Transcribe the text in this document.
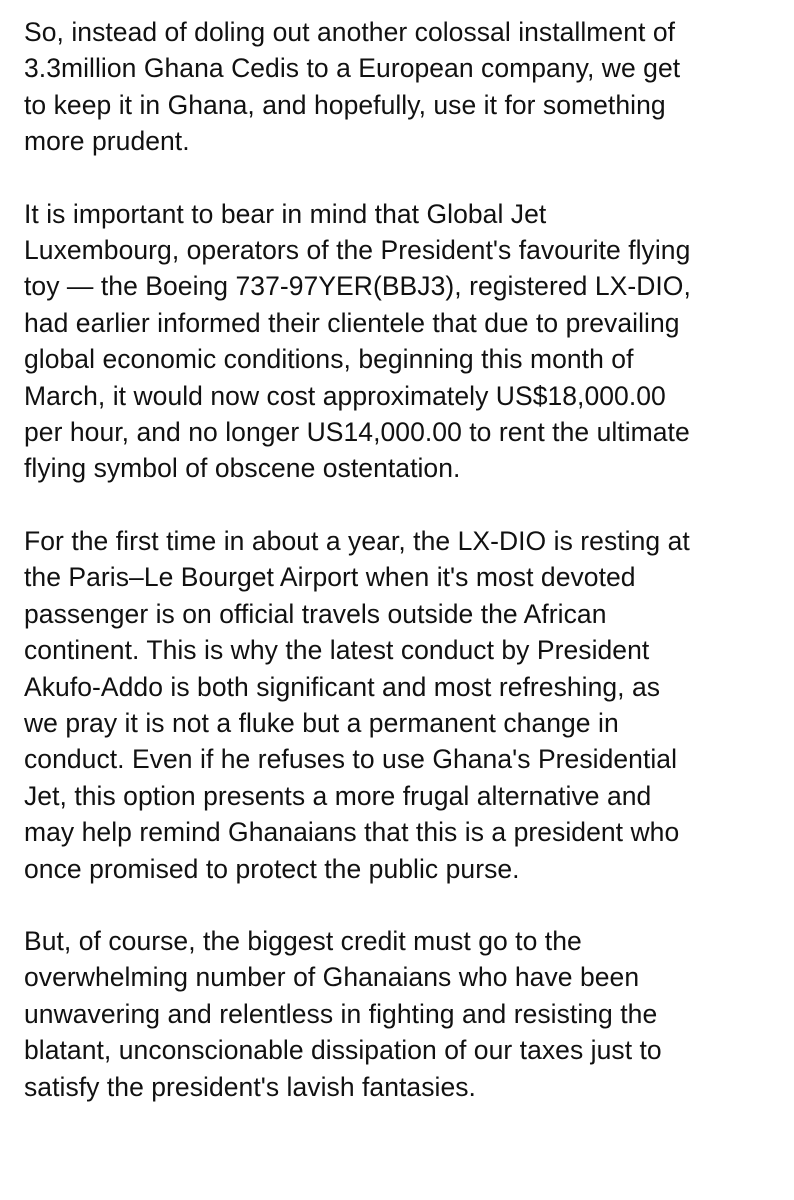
So, instead of doling out another colossal installment of
3.3million Ghana Cedis to a European company, we get
to keep it in Ghana, and hopefully, use it for something
more prudent.

It is important to bear in mind that Global Jet
Luxembourg, operators of the President's favourite flying
toy — the Boeing 737-97YER(BBJ3), registered LX-DIO,
had earlier informed their clientele that due to prevailing
global economic conditions, beginning this month of
March, it would now cost approximately US$18,000.00
per hour, and no longer US14,000.00 to rent the ultimate
flying symbol of obscene ostentation.

For the first time in about a year, the LX-DIO is resting at
the Paris–Le Bourget Airport when it's most devoted
passenger is on official travels outside the African
continent. This is why the latest conduct by President
Akufo-Addo is both significant and most refreshing, as
we pray it is not a fluke but a permanent change in
conduct. Even if he refuses to use Ghana's Presidential
Jet, this option presents a more frugal alternative and
may help remind Ghanaians that this is a president who
once promised to protect the public purse.

But, of course, the biggest credit must go to the
overwhelming number of Ghanaians who have been
unwavering and relentless in fighting and resisting the
blatant, unconscionable dissipation of our taxes just to
satisfy the president's lavish fantasies.
